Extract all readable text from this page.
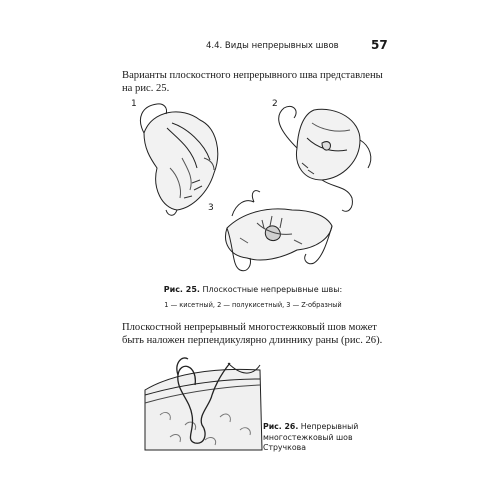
4.4. Виды непрерывных швов	57
Варианты плоскостного непрерывного шва представлены на рис. 25.
1	2
3
Рис. 25. Плоскостные непрерывные швы:
1 — кисетный, 2 — полукисетный, 3 — Z-образный
Плоскостной непрерывный многостежковый шов может быть наложен перпендикулярно длиннику раны (рис. 26).
Рис. 26. Непрерывный многостежковый шов Стручкова
